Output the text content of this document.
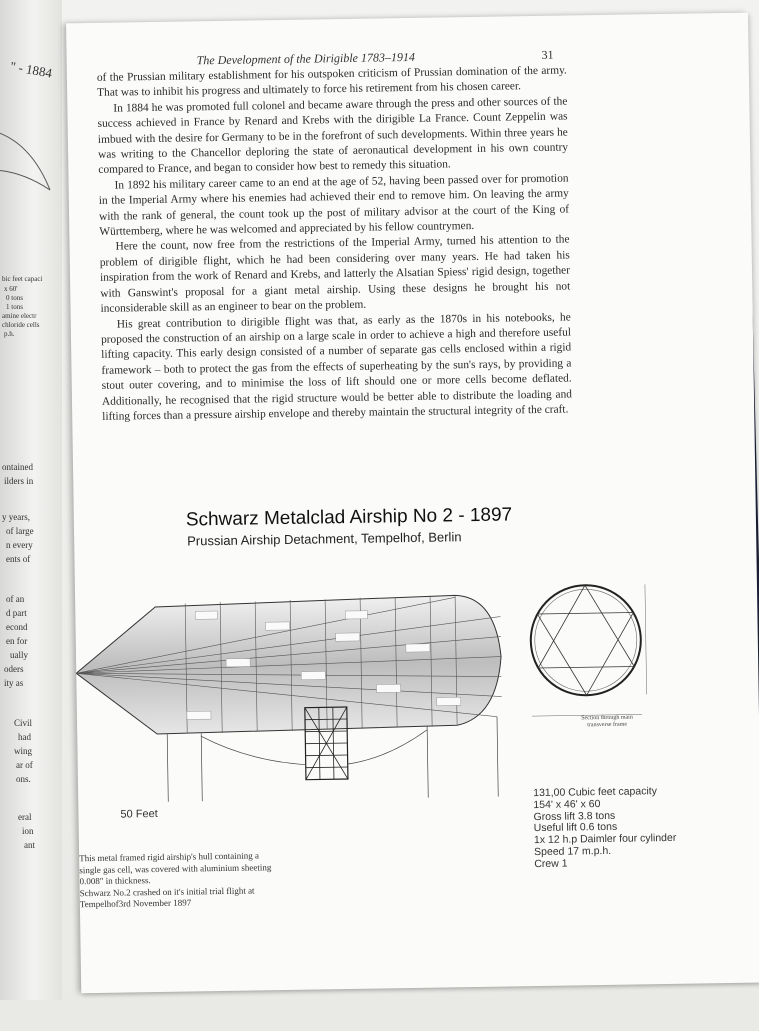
" - 1884
bic feet capaci
x 60'
0 tons
1 tons
amine electr
chloride cells
p.h.
ontained
ilders in
y years,
of large
n every
ents of
of an
d part
econd
en for
ually
oders
ity as
Civil
had
wing
ar of
ons.
eral
ion
ant
The Development of the Dirigible 1783–1914	31

of the Prussian military establishment for his outspoken criticism of Prussian domination of the army. That was to inhibit his progress and ultimately to force his retirement from his chosen career.

In 1884 he was promoted full colonel and became aware through the press and other sources of the success achieved in France by Renard and Krebs with the dirigible La France. Count Zeppelin was imbued with the desire for Germany to be in the forefront of such developments. Within three years he was writing to the Chancellor deploring the state of aeronautical development in his own country compared to France, and began to consider how best to remedy this situation.

In 1892 his military career came to an end at the age of 52, having been passed over for promotion in the Imperial Army where his enemies had achieved their end to remove him. On leaving the army with the rank of general, the count took up the post of military advisor at the court of the King of Württemberg, where he was welcomed and appreciated by his fellow countrymen.

Here the count, now free from the restrictions of the Imperial Army, turned his attention to the problem of dirigible flight, which he had been considering over many years. He had taken his inspiration from the work of Renard and Krebs, and latterly the Alsatian Spiess' rigid design, together with Ganswint's proposal for a giant metal airship. Using these designs he brought his not inconsiderable skill as an engineer to bear on the problem.

His great contribution to dirigible flight was that, as early as the 1870s in his notebooks, he proposed the construction of an airship on a large scale in order to achieve a high and therefore useful lifting capacity. This early design consisted of a number of separate gas cells enclosed within a rigid framework – both to protect the gas from the effects of superheating by the sun's rays, by providing a stout outer covering, and to minimise the loss of lift should one or more cells become deflated. Additionally, he recognised that the rigid structure would be better able to distribute the loading and lifting forces than a pressure airship envelope and thereby maintain the structural integrity of the craft.

Schwarz Metalclad Airship No 2 - 1897
Prussian Airship Detachment, Tempelhof, Berlin
Section through main transverse frame
50 Feet
This metal framed rigid airship's hull containing a
single gas cell, was covered with aluminium sheeting
0.008" in thickness.
Schwarz No.2 crashed on it's initial trial flight at
Tempelhof3rd November 1897
131,00 Cubic feet capacity
154' x 46' x 60
Gross lift 3.8 tons
Useful lift 0.6 tons
1x 12 h.p Daimler four cylinder
Speed 17 m.p.h.
Crew 1
